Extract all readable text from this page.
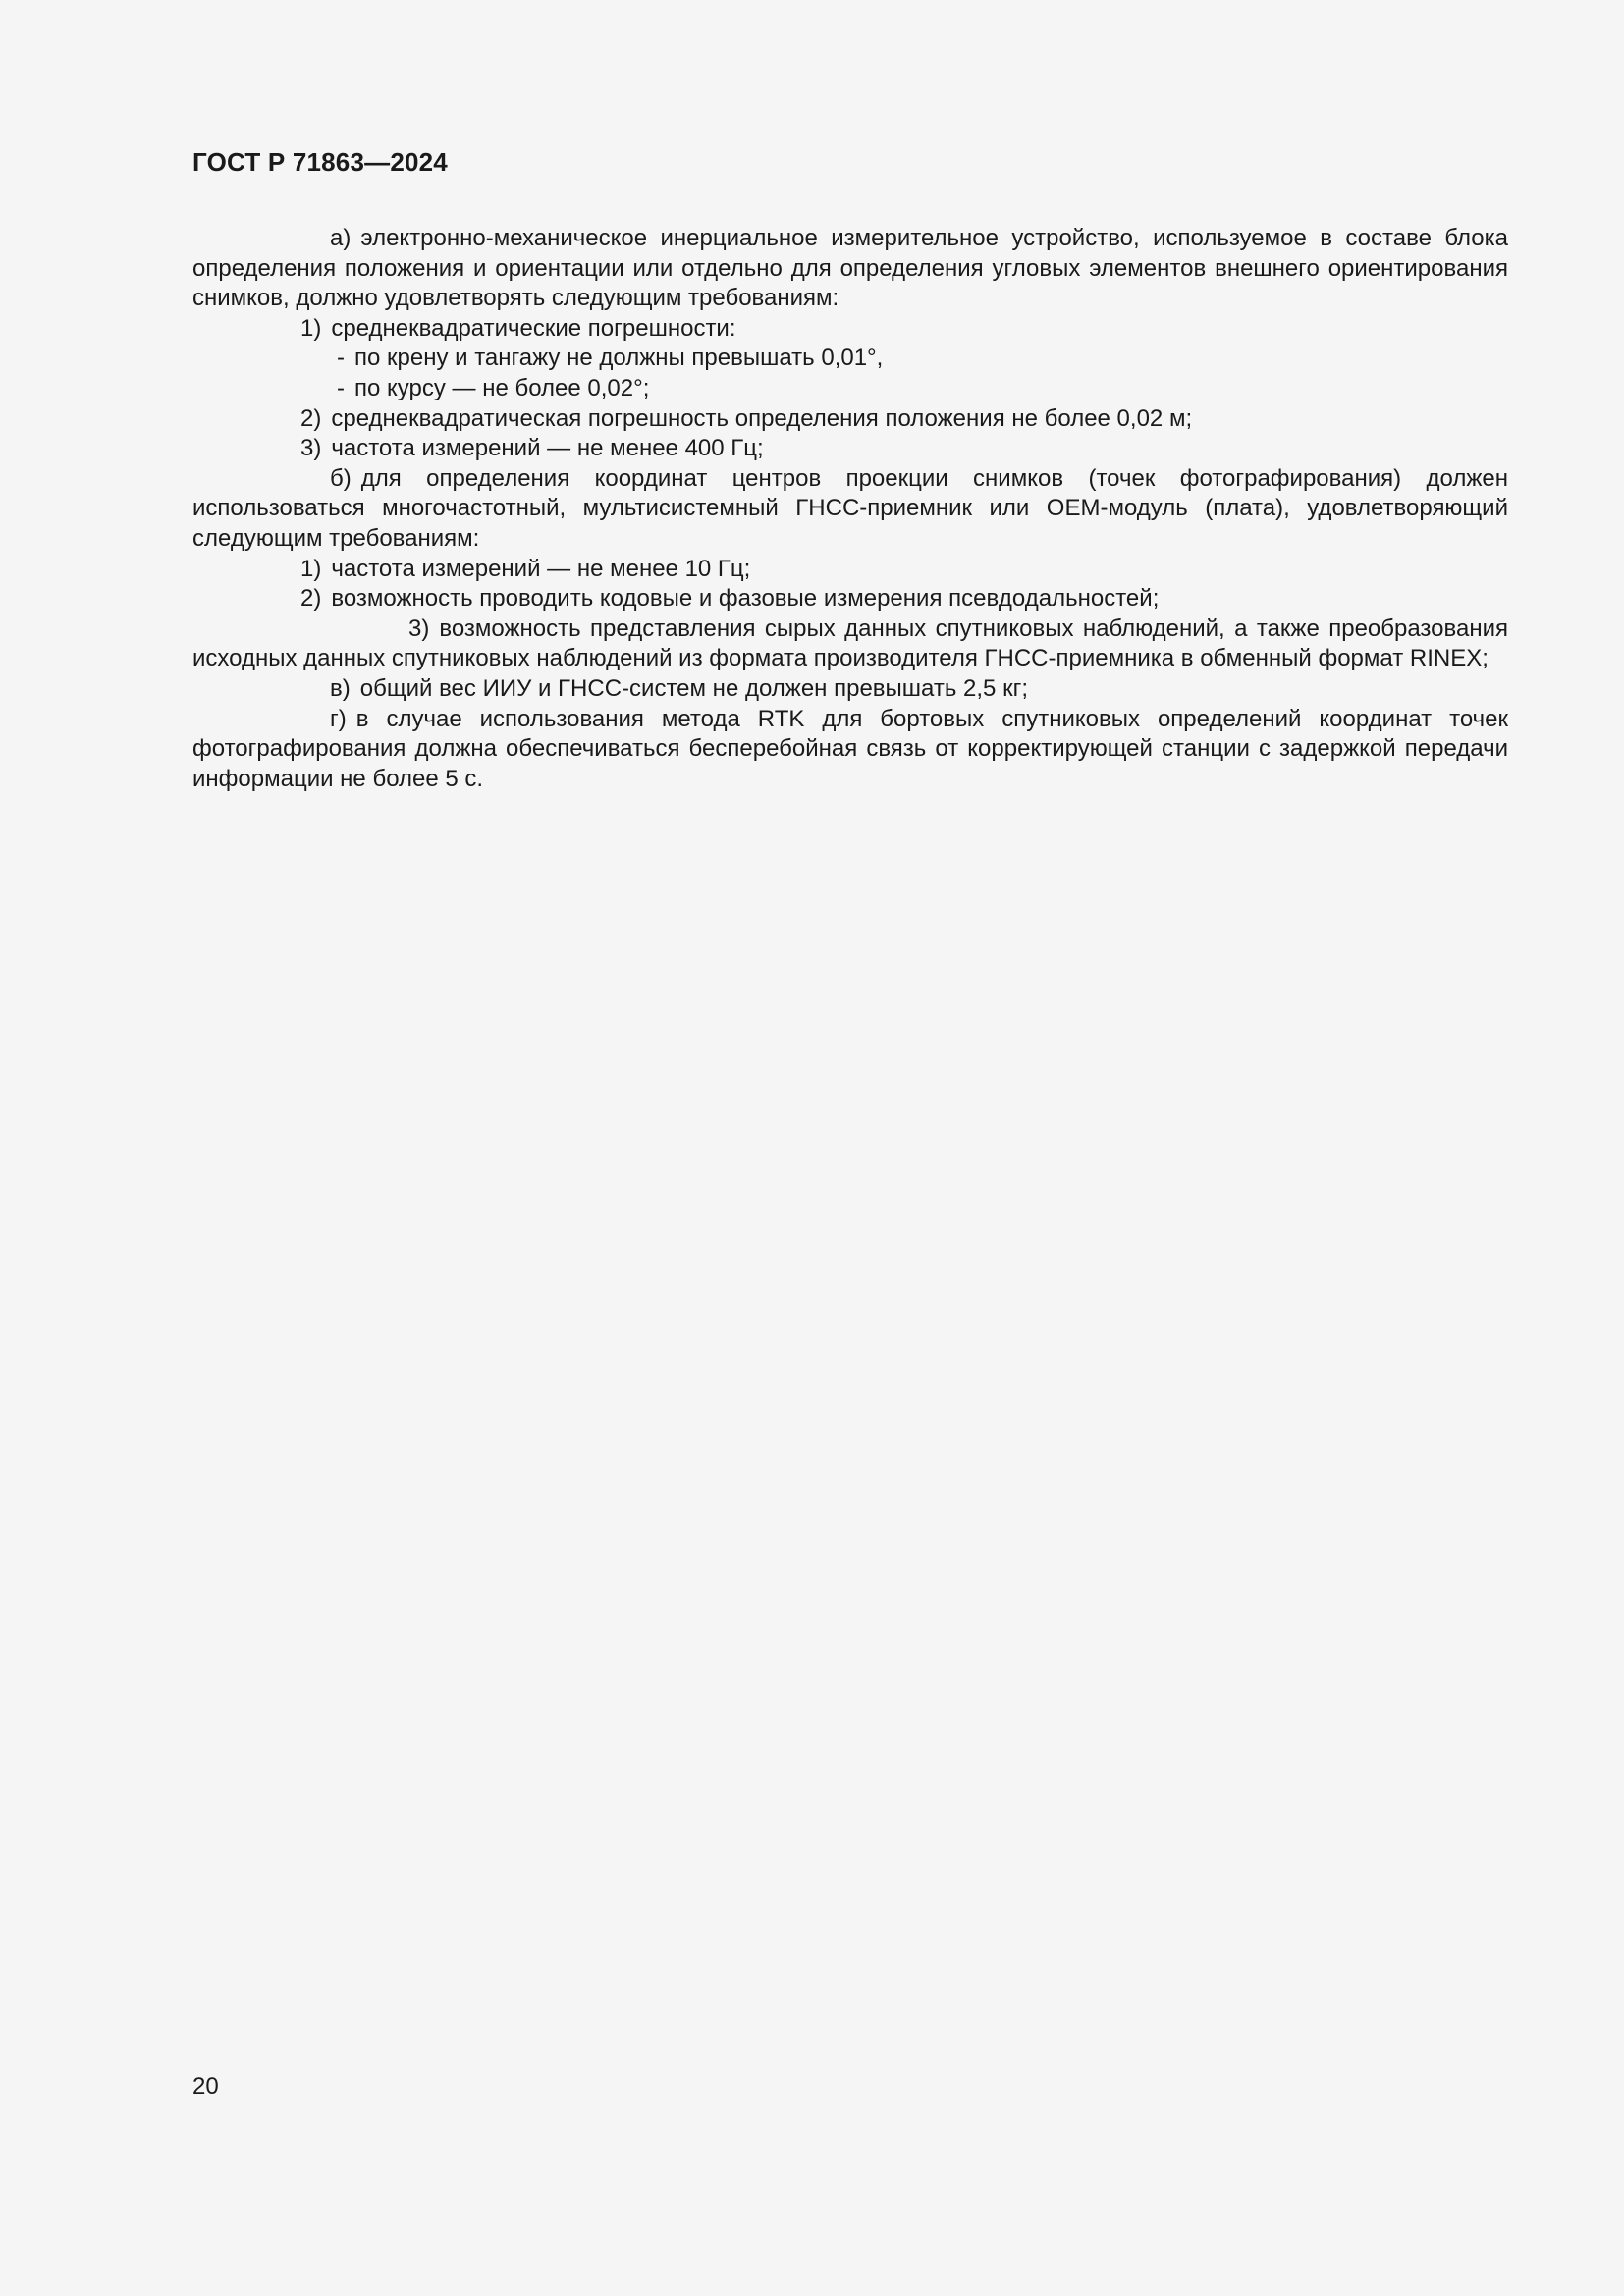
ГОСТ Р 71863—2024

а) электронно-механическое инерциальное измерительное устройство, используемое в составе блока определения положения и ориентации или отдельно для определения угловых элементов внешнего ориентирования снимков, должно удовлетворять следующим требованиям:

1) среднеквадратические погрешности:

- по крену и тангажу не должны превышать 0,01°,

- по курсу — не более 0,02°;

2) среднеквадратическая погрешность определения положения не более 0,02 м;

3) частота измерений — не менее 400 Гц;

б) для определения координат центров проекции снимков (точек фотографирования) должен использоваться многочастотный, мультисистемный ГНСС-приемник или ОЕМ-модуль (плата), удовлетворяющий следующим требованиям:

1) частота измерений — не менее 10 Гц;

2) возможность проводить кодовые и фазовые измерения псевдодальностей;

3) возможность представления сырых данных спутниковых наблюдений, а также преобразования исходных данных спутниковых наблюдений из формата производителя ГНСС-приемника в обменный формат RINEX;

в) общий вес ИИУ и ГНСС-систем не должен превышать 2,5 кг;

г) в случае использования метода RTK для бортовых спутниковых определений координат точек фотографирования должна обеспечиваться бесперебойная связь от корректирующей станции с задержкой передачи информации не более 5 с.

20
